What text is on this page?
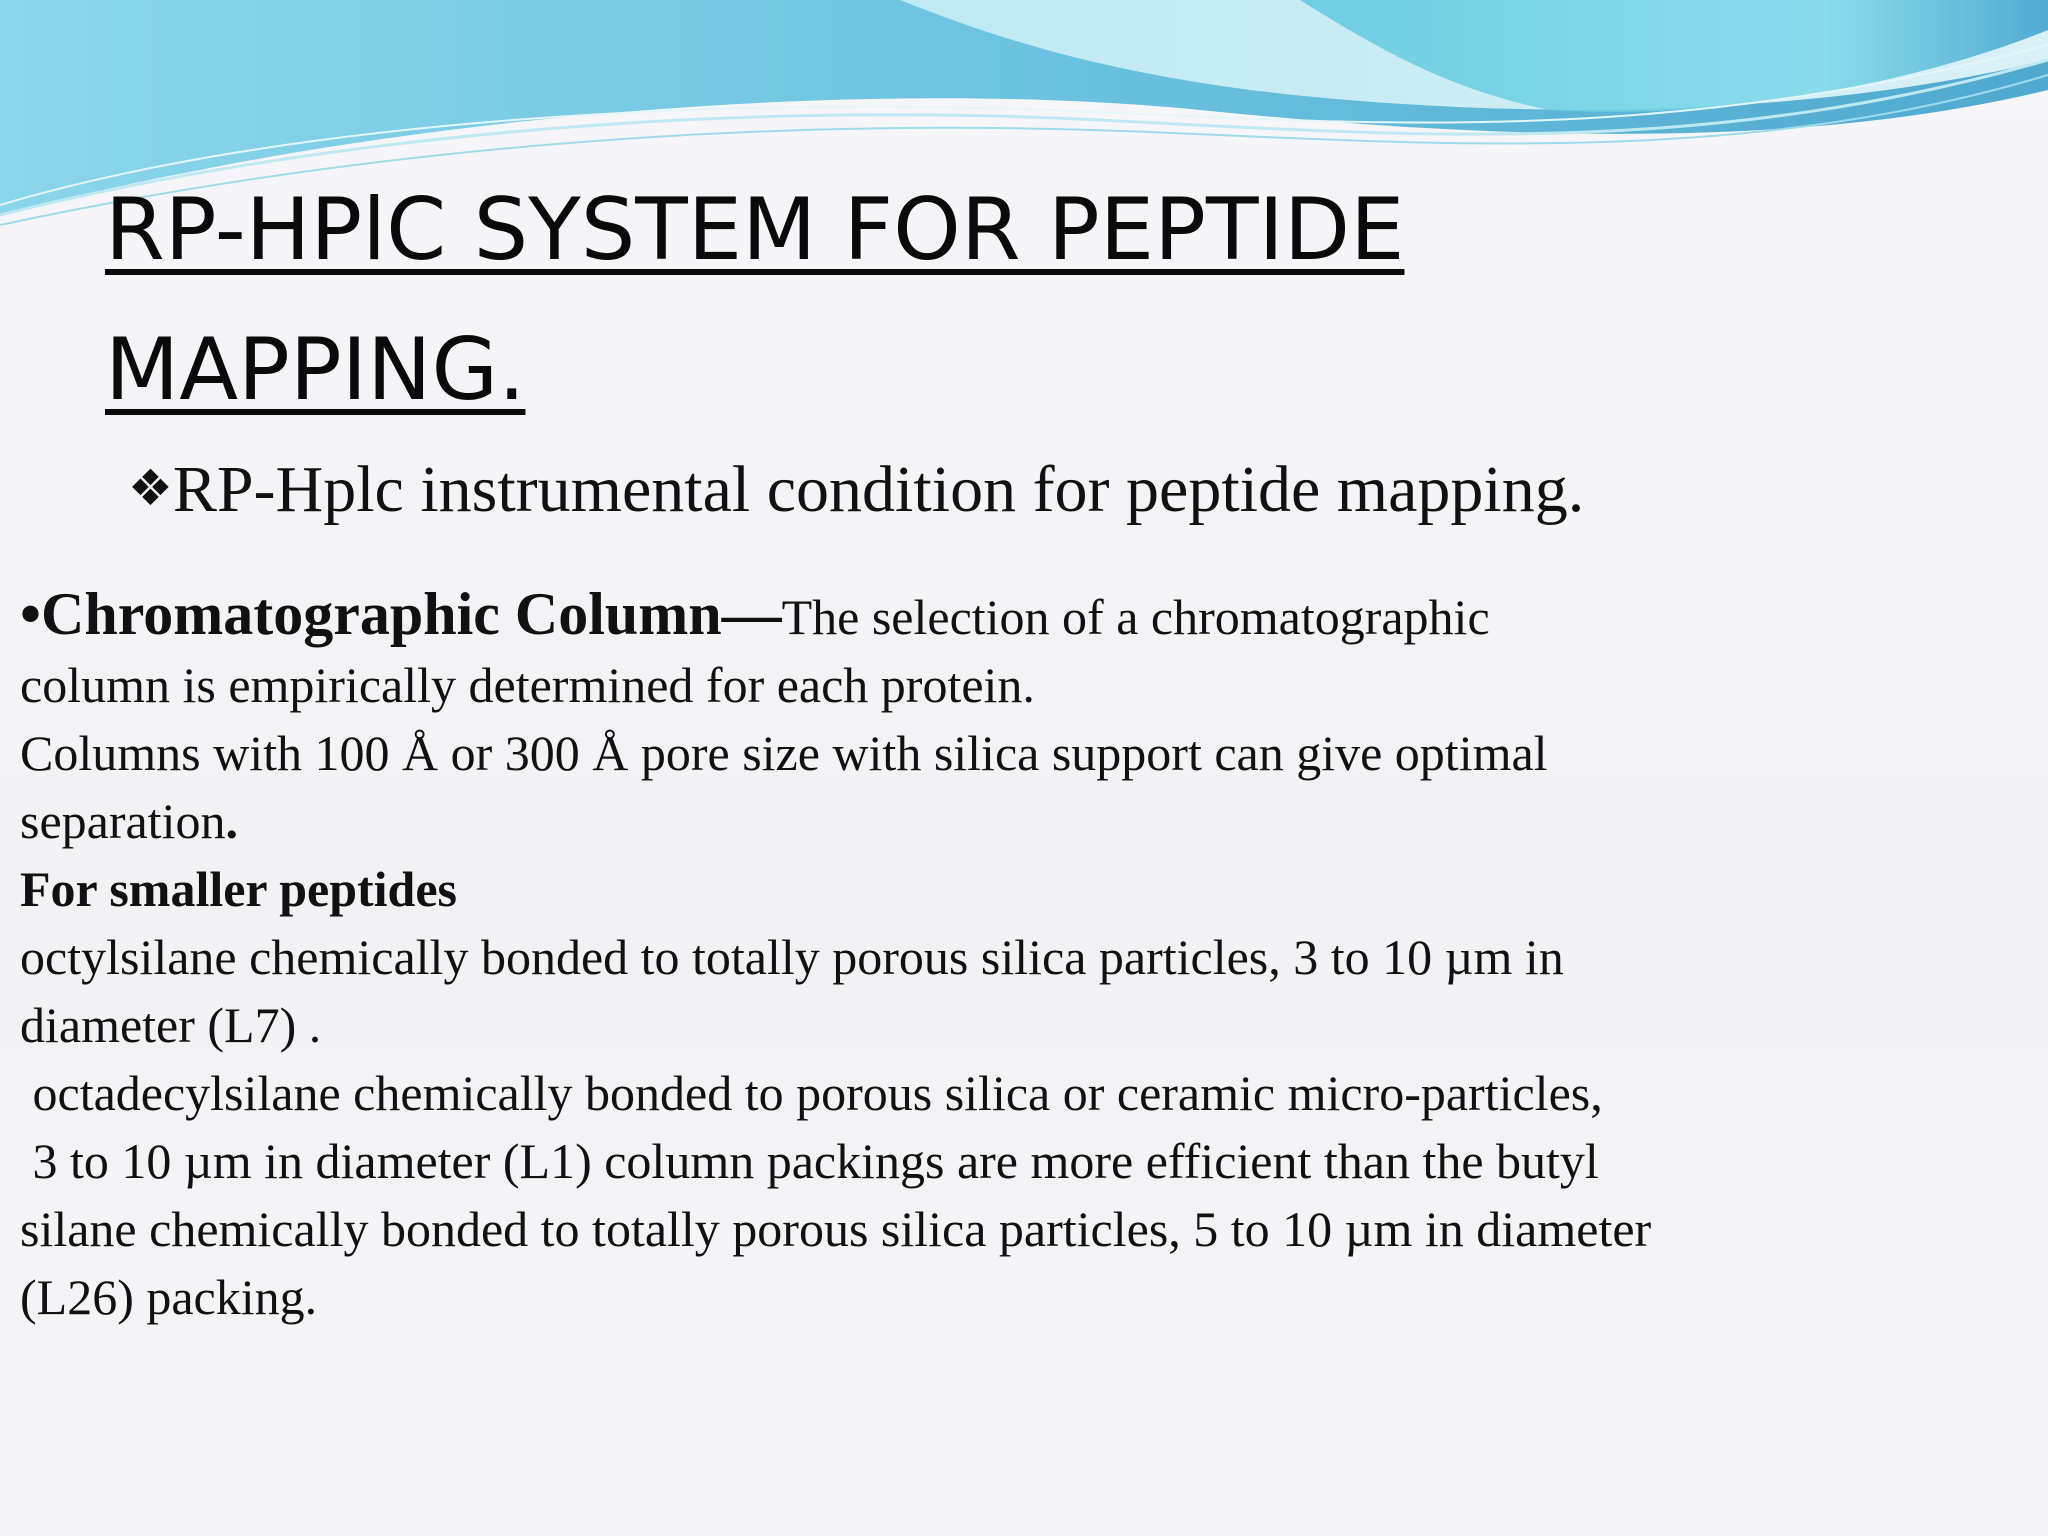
RP-HPlC SYSTEM FOR PEPTIDE
MAPPING.
❖RP-Hplc instrumental condition for peptide mapping.

•Chromatographic Column—The selection of a chromatographic

column is empirically determined for each protein.

Columns with 100 Å or 300 Å pore size with silica support can give optimal

separation.

For smaller peptides

octylsilane chemically bonded to totally porous silica particles, 3 to 10 µm in

diameter (L7) .

octadecylsilane chemically bonded to porous silica or ceramic micro-particles,

3 to 10 µm in diameter (L1) column packings are more efficient than the butyl

silane chemically bonded to totally porous silica particles, 5 to 10 µm in diameter

(L26) packing.
